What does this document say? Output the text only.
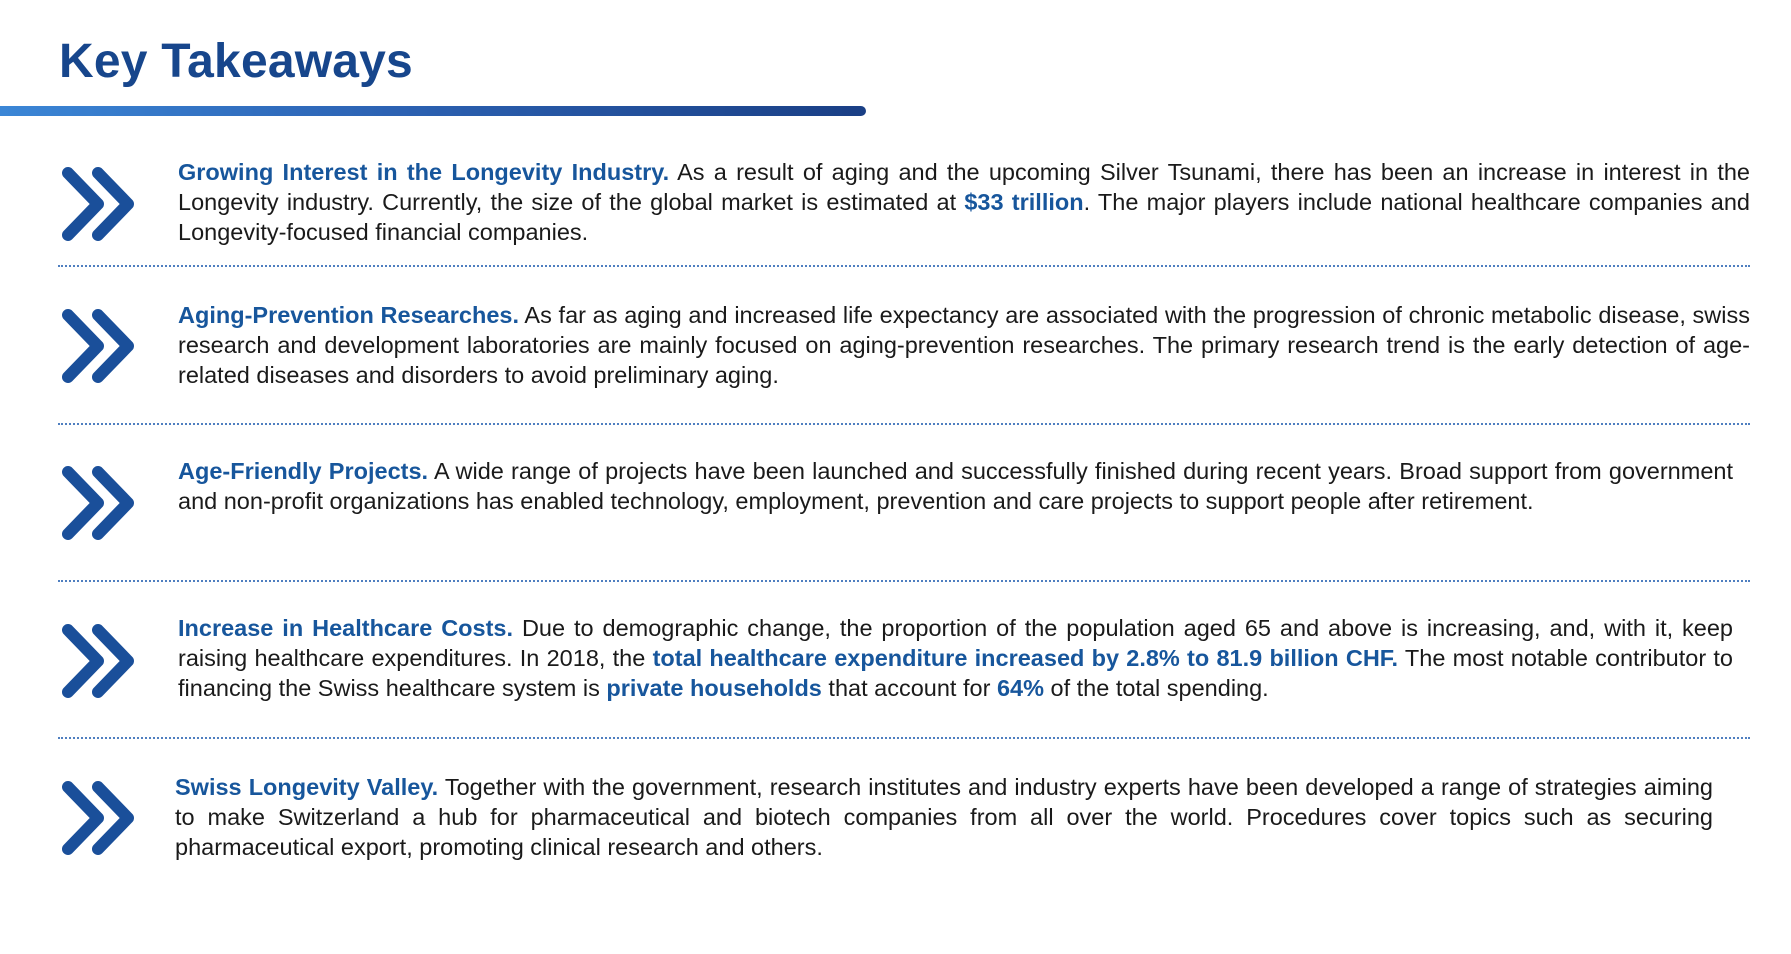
Key Takeaways

Growing Interest in the Longevity Industry. As a result of aging and the upcoming Silver Tsunami, there has been an increase in interest in the Longevity industry. Currently, the size of the global market is estimated at $33 trillion. The major players include national healthcare companies and Longevity-focused financial companies.

Aging-Prevention Researches. As far as aging and increased life expectancy are associated with the progression of chronic metabolic disease, swiss research and development laboratories are mainly focused on aging-prevention researches. The primary research trend is the early detection of age-related diseases and disorders to avoid preliminary aging.

Age-Friendly Projects. A wide range of projects have been launched and successfully finished during recent years. Broad support from government and non-profit organizations has enabled technology, employment, prevention and care projects to support people after retirement.

Increase in Healthcare Costs. Due to demographic change, the proportion of the population aged 65 and above is increasing, and, with it, keep raising healthcare expenditures. In 2018, the total healthcare expenditure increased by 2.8% to 81.9 billion CHF. The most notable contributor to financing the Swiss healthcare system is private households that account for 64% of the total spending.

Swiss Longevity Valley. Together with the government, research institutes and industry experts have been developed a range of strategies aiming to make Switzerland a hub for pharmaceutical and biotech companies from all over the world. Procedures cover topics such as securing pharmaceutical export, promoting clinical research and others.
